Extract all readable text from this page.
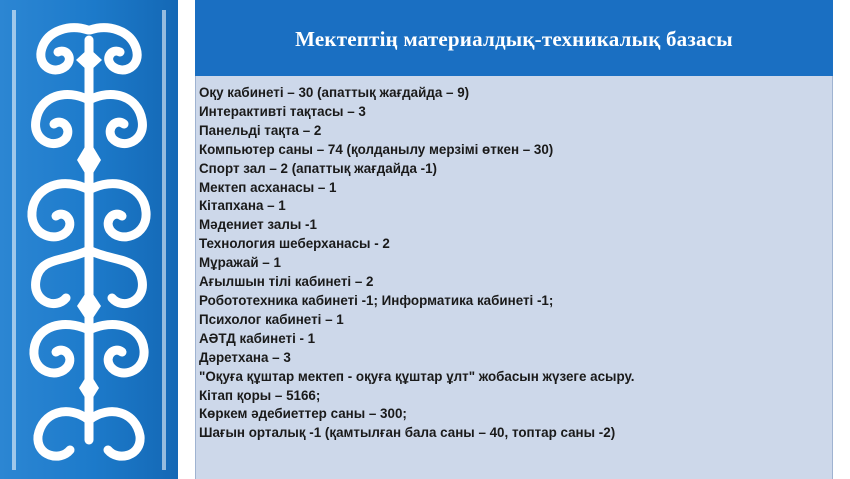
Мектептің материалдық-техникалық базасы
Оқу кабинеті – 30 (апаттық жағдайда – 9)
Интерактивті тақтасы – 3
Панельді тақта – 2
Компьютер саны – 74 (қолданылу мерзімі өткен – 30)
Спорт зал – 2 (апаттық жағдайда -1)
Мектеп асханасы – 1
Кітапхана – 1
Мәдениет залы -1
Технология шеберханасы - 2
Мұражай – 1
Ағылшын тілі кабинеті – 2
Робототехника кабинеті -1; Информатика кабинеті -1;
Психолог кабинеті – 1
АӘТД кабинеті - 1
Дәретхана – 3
"Оқуға құштар мектеп - оқуға құштар ұлт" жобасын жүзеге асыру.
Кітап қоры – 5166;
Көркем әдебиеттер саны – 300;
Шағын орталық -1 (қамтылған бала саны – 40, топтар саны -2)
